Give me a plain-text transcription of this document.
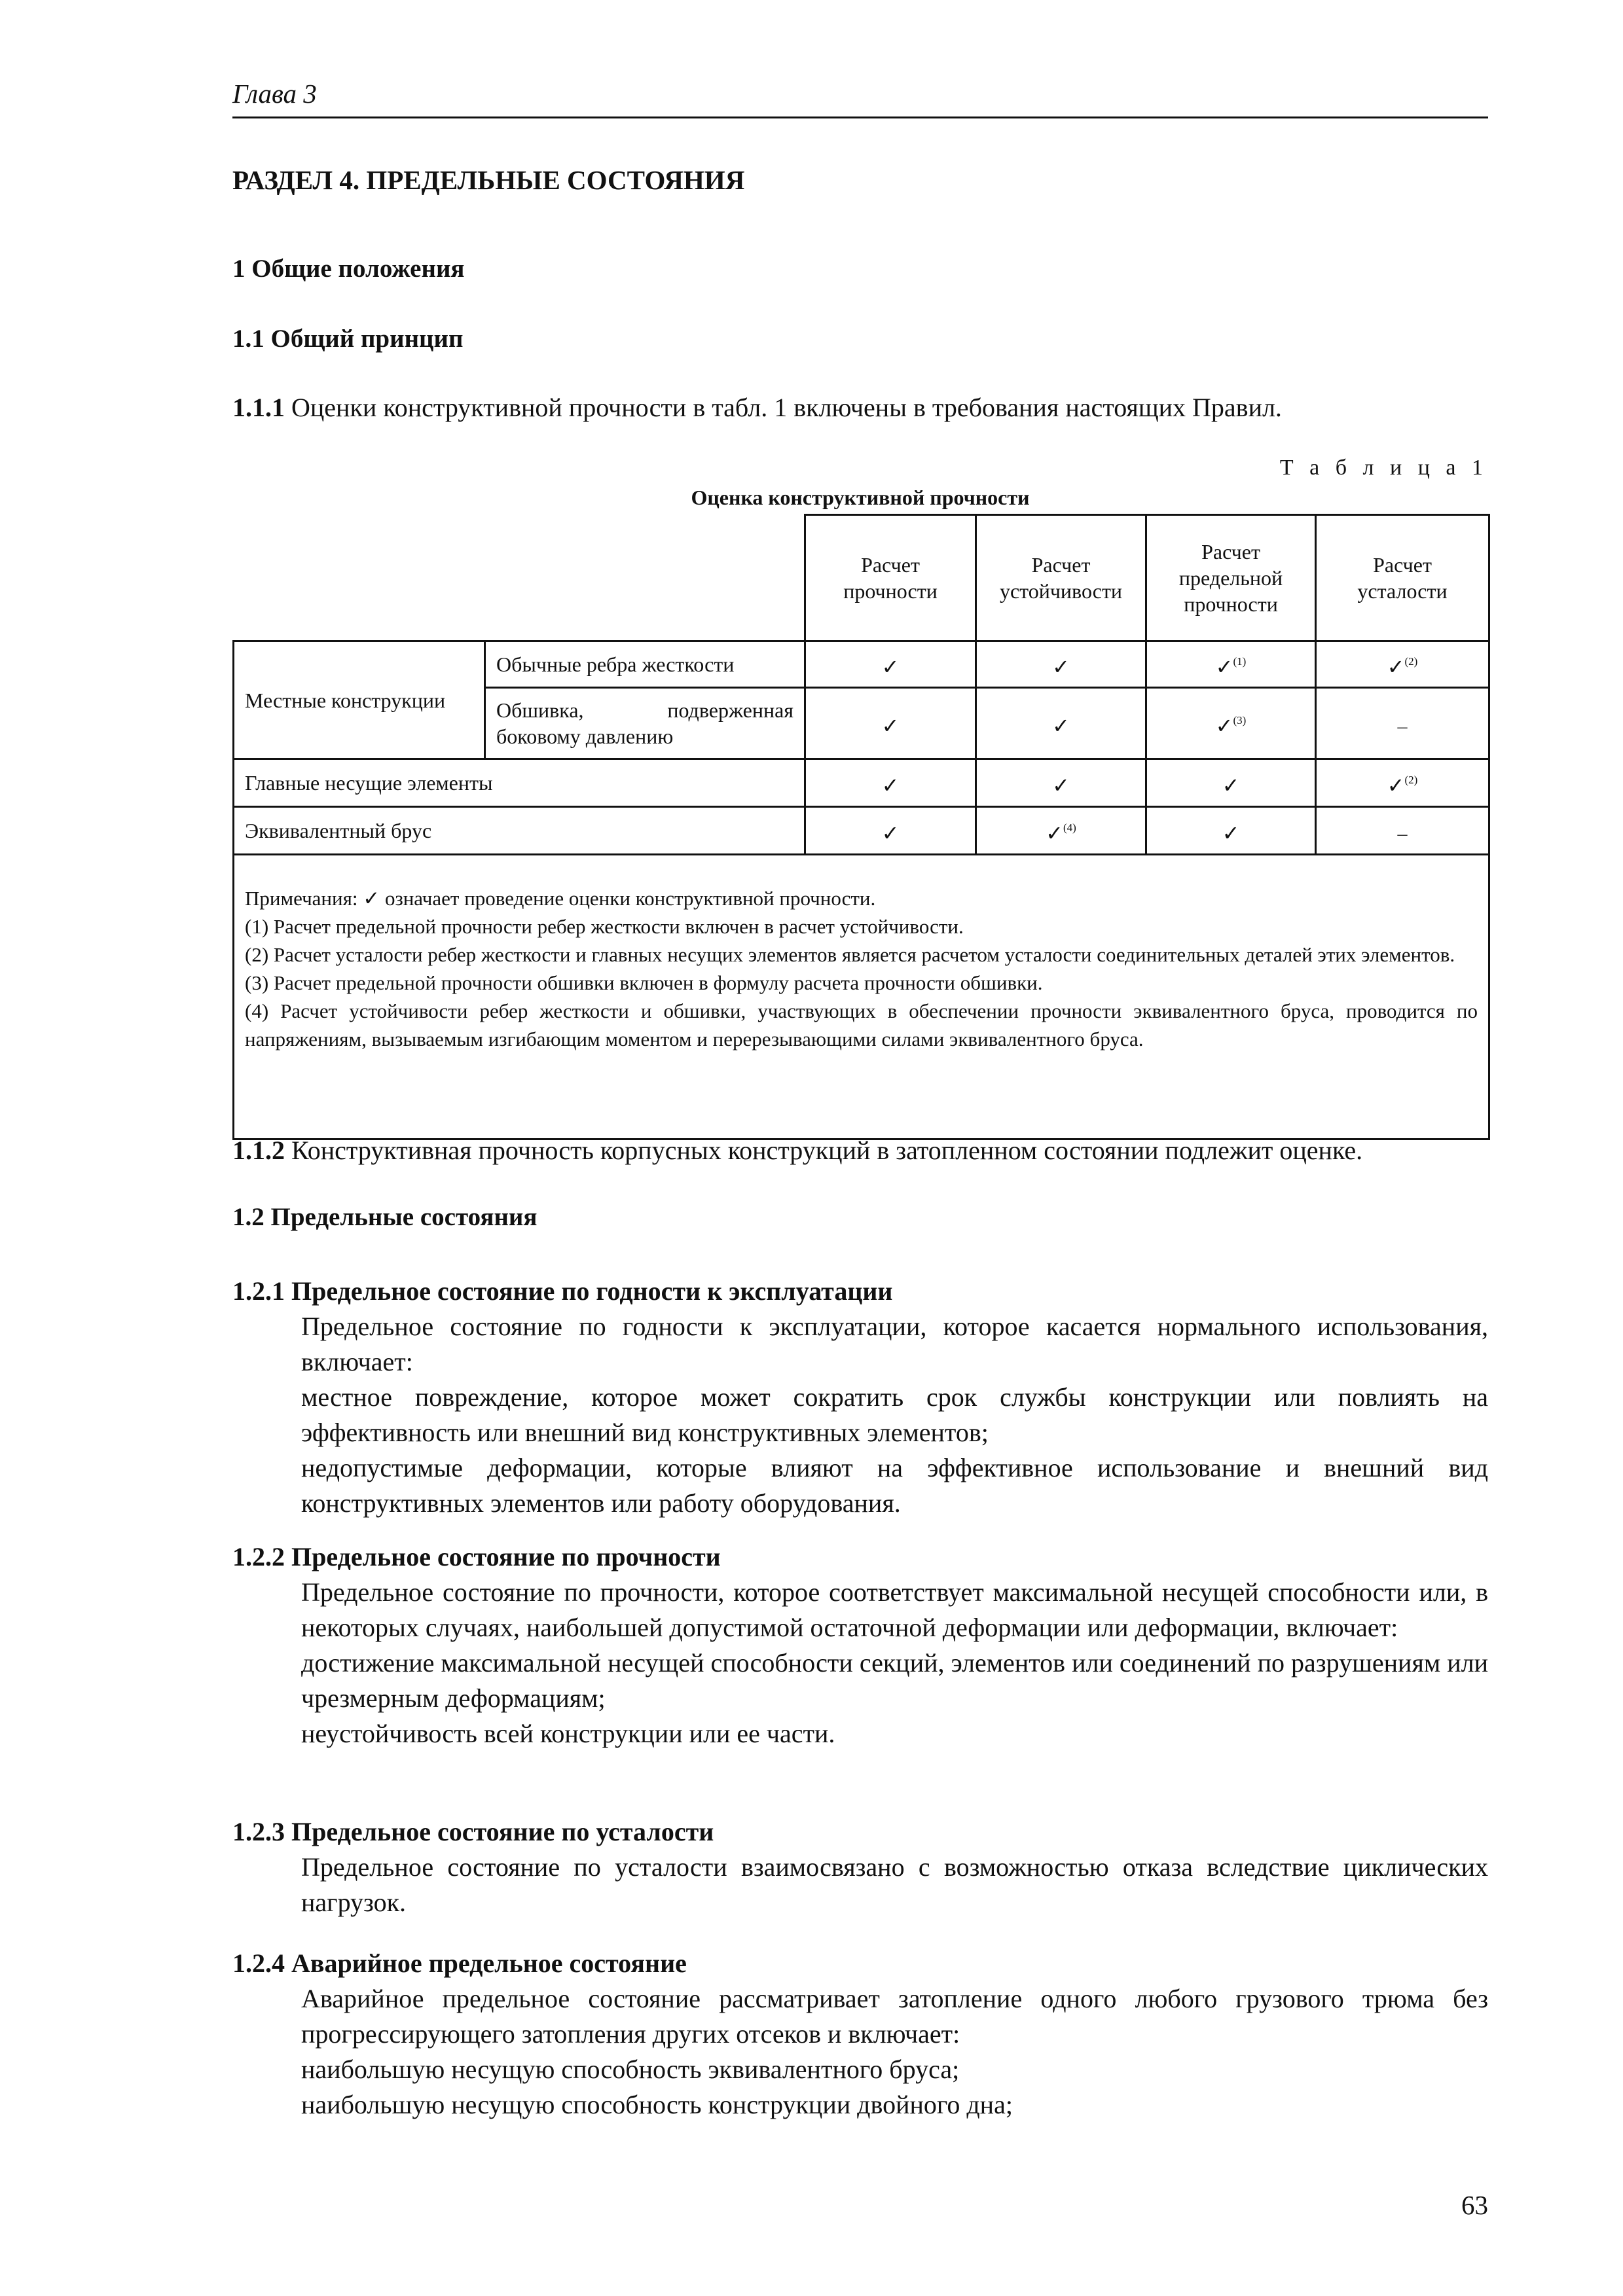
Глава 3
РАЗДЕЛ 4. ПРЕДЕЛЬНЫЕ СОСТОЯНИЯ
1 Общие положения
1.1 Общий принцип

1.1.1 Оценки конструктивной прочности в табл. 1 включены в требования настоящих Правил.

Т а б л и ц а 1
Оценка конструктивной прочности
		Расчет прочности	Расчет устойчивости	Расчет предельной прочности	Расчет усталости
Местные конструкции	Обычные ребра жесткости	✓	✓	✓$^{(1)}$	✓$^{(2)}$
	Обшивка, подверженная боковому давлению	✓	✓	✓$^{(3)}$	–
Главные несущие элементы		✓	✓	✓	✓$^{(2)}$
Эквивалентный брус		✓	✓$^{(4)}$	✓	–

Примечания: ✓ означает проведение оценки конструктивной прочности.
(1) Расчет предельной прочности ребер жесткости включен в расчет устойчивости.
(2) Расчет усталости ребер жесткости и главных несущих элементов является расчетом усталости соединительных деталей этих элементов.
(3) Расчет предельной прочности обшивки включен в формулу расчета прочности обшивки.
(4) Расчет устойчивости ребер жесткости и обшивки, участвующих в обеспечении прочности эквивалентного бруса, проводится по напряжениям, вызываемым изгибающим моментом и перерезывающими силами эквивалентного бруса.					

1.1.2 Конструктивная прочность корпусных конструкций в затопленном состоянии подлежит оценке.

1.2 Предельные состояния
1.2.1 Предельное состояние по годности к эксплуатации
Предельное состояние по годности к эксплуатации, которое касается нормального использования, включает:
местное повреждение, которое может сократить срок службы конструкции или повлиять на эффективность или внешний вид конструктивных элементов;
недопустимые деформации, которые влияют на эффективное использование и внешний вид конструктивных элементов или работу оборудования.
1.2.2 Предельное состояние по прочности
Предельное состояние по прочности, которое соответствует максимальной несущей способности или, в некоторых случаях, наибольшей допустимой остаточной деформации или деформации, включает:
достижение максимальной несущей способности секций, элементов или соединений по разрушениям или чрезмерным деформациям;
неустойчивость всей конструкции или ее части.
1.2.3 Предельное состояние по усталости
Предельное состояние по усталости взаимосвязано с возможностью отказа вследствие циклических нагрузок.
1.2.4 Аварийное предельное состояние
Аварийное предельное состояние рассматривает затопление одного любого грузового трюма без прогрессирующего затопления других отсеков и включает:
наибольшую несущую способность эквивалентного бруса;
наибольшую несущую способность конструкции двойного дна;
63
